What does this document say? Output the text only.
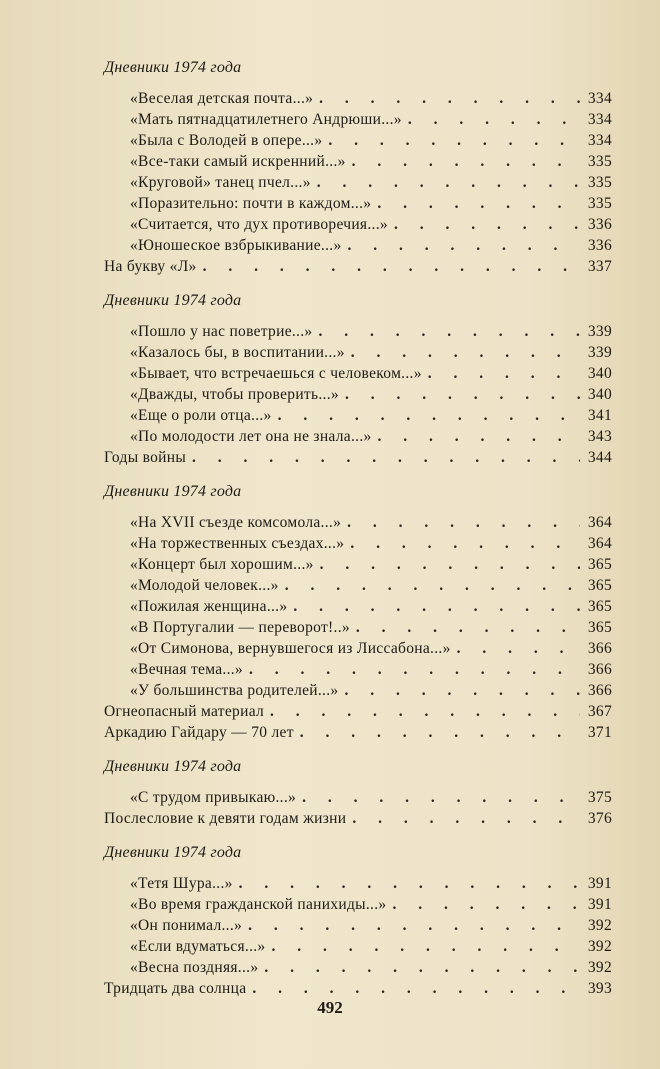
Дневники 1974 года
«Веселая детская почта...» . . .	334
«Мать пятнадцатилетнего Андрюши...» . . .	334
«Была с Володей в опере...» . . .	334
«Все-таки самый искренний...» . . .	335
«Круговой» танец пчел...» . . .	335
«Поразительно: почти в каждом...» . . .	335
«Считается, что дух противоречия...» . . .	336
«Юношеское взбрыкивание...» . . .	336
На букву «Л» . . .	337
Дневники 1974 года
«Пошло у нас поветрие...» . . .	339
«Казалось бы, в воспитании...» . . .	339
«Бывает, что встречаешься с человеком...» . . .	340
«Дважды, чтобы проверить...» . . .	340
«Еще о роли отца...» . . .	341
«По молодости лет она не знала...» . . .	343
Годы войны . . .	344
Дневники 1974 года
«На XVII съезде комсомола...» . . .	364
«На торжественных съездах...» . . .	364
«Концерт был хорошим...» . . .	365
«Молодой человек...» . . .	365
«Пожилая женщина...» . . .	365
«В Португалии — переворот!..» . . .	365
«От Симонова, вернувшегося из Лиссабона...» . . .	366
«Вечная тема...» . . .	366
«У большинства родителей...» . . .	366
Огнеопасный материал . . .	367
Аркадию Гайдару — 70 лет . . .	371
Дневники 1974 года
«С трудом привыкаю...» . . .	375
Послесловие к девяти годам жизни . . .	376
Дневники 1974 года
«Тетя Шура...» . . .	391
«Во время гражданской панихиды...» . . .	391
«Он понимал...» . . .	392
«Если вдуматься...» . . .	392
«Весна поздняя...» . . .	392
Тридцать два солнца . . .	393
492
